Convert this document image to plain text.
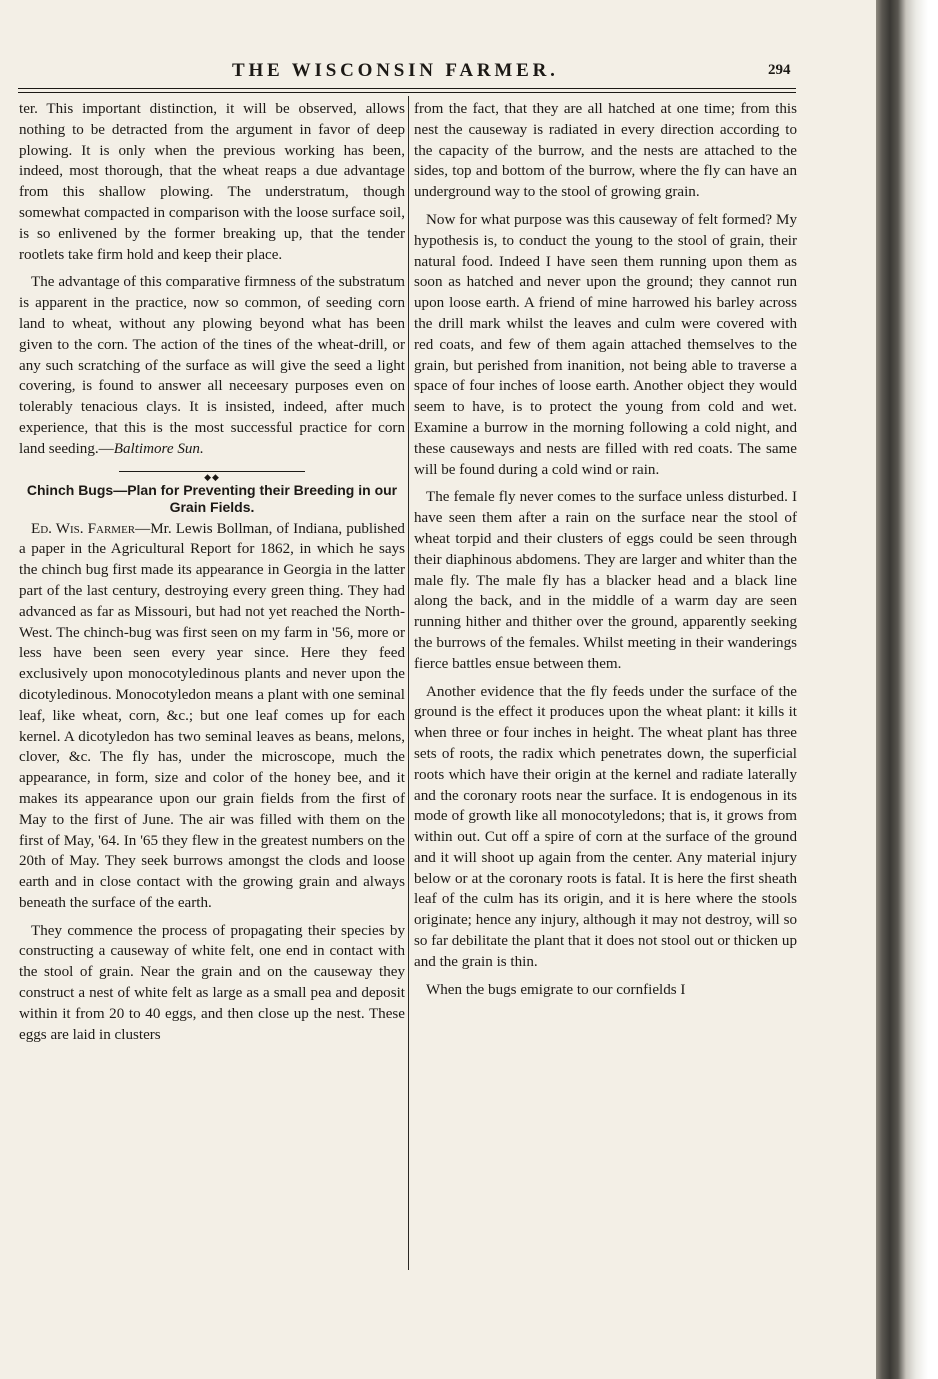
THE WISCONSIN FARMER.	294

ter. This important distinction, it will be observed, allows nothing to be detracted from the argument in favor of deep plowing. It is only when the previous working has been, indeed, most thorough, that the wheat reaps a due advantage from this shallow plowing. The understratum, though somewhat compacted in comparison with the loose surface soil, is so enlivened by the former breaking up, that the tender rootlets take firm hold and keep their place.

The advantage of this comparative firmness of the substratum is apparent in the practice, now so common, of seeding corn land to wheat, without any plowing beyond what has been given to the corn. The action of the tines of the wheat-drill, or any such scratching of the surface as will give the seed a light covering, is found to answer all neceesary purposes even on tolerably tenacious clays. It is insisted, indeed, after much experience, that this is the most successful practice for corn land seeding.—Baltimore Sun.

◆◆
Chinch Bugs—Plan for Preventing their Breeding in our Grain Fields.

Ed. Wis. Farmer—Mr. Lewis Bollman, of Indiana, published a paper in the Agricultural Report for 1862, in which he says the chinch bug first made its appearance in Georgia in the latter part of the last century, destroying every green thing. They had advanced as far as Missouri, but had not yet reached the North-West. The chinch-bug was first seen on my farm in '56, more or less have been seen every year since. Here they feed exclusively upon monocotyledinous plants and never upon the dicotyledinous. Monocotyledon means a plant with one seminal leaf, like wheat, corn, &c.; but one leaf comes up for each kernel. A dicotyledon has two seminal leaves as beans, melons, clover, &c. The fly has, under the microscope, much the appearance, in form, size and color of the honey bee, and it makes its appearance upon our grain fields from the first of May to the first of June. The air was filled with them on the first of May, '64. In '65 they flew in the greatest numbers on the 20th of May. They seek burrows amongst the clods and loose earth and in close contact with the growing grain and always beneath the surface of the earth.

They commence the process of propagating their species by constructing a causeway of white felt, one end in contact with the stool of grain. Near the grain and on the causeway they construct a nest of white felt as large as a small pea and deposit within it from 20 to 40 eggs, and then close up the nest. These eggs are laid in clusters

from the fact, that they are all hatched at one time; from this nest the causeway is radiated in every direction according to the capacity of the burrow, and the nests are attached to the sides, top and bottom of the burrow, where the fly can have an underground way to the stool of growing grain.

Now for what purpose was this causeway of felt formed? My hypothesis is, to conduct the young to the stool of grain, their natural food. Indeed I have seen them running upon them as soon as hatched and never upon the ground; they cannot run upon loose earth. A friend of mine harrowed his barley across the drill mark whilst the leaves and culm were covered with red coats, and few of them again attached themselves to the grain, but perished from inanition, not being able to traverse a space of four inches of loose earth. Another object they would seem to have, is to protect the young from cold and wet. Examine a burrow in the morning following a cold night, and these causeways and nests are filled with red coats. The same will be found during a cold wind or rain.

The female fly never comes to the surface unless disturbed. I have seen them after a rain on the surface near the stool of wheat torpid and their clusters of eggs could be seen through their diaphinous abdomens. They are larger and whiter than the male fly. The male fly has a blacker head and a black line along the back, and in the middle of a warm day are seen running hither and thither over the ground, apparently seeking the burrows of the females. Whilst meeting in their wanderings fierce battles ensue between them.

Another evidence that the fly feeds under the surface of the ground is the effect it produces upon the wheat plant: it kills it when three or four inches in height. The wheat plant has three sets of roots, the radix which penetrates down, the superficial roots which have their origin at the kernel and radiate laterally and the coronary roots near the surface. It is endogenous in its mode of growth like all monocotyledons; that is, it grows from within out. Cut off a spire of corn at the surface of the ground and it will shoot up again from the center. Any material injury below or at the coronary roots is fatal. It is here the first sheath leaf of the culm has its origin, and it is here where the stools originate; hence any injury, although it may not destroy, will so so far debilitate the plant that it does not stool out or thicken up and the grain is thin.

When the bugs emigrate to our cornfields I
